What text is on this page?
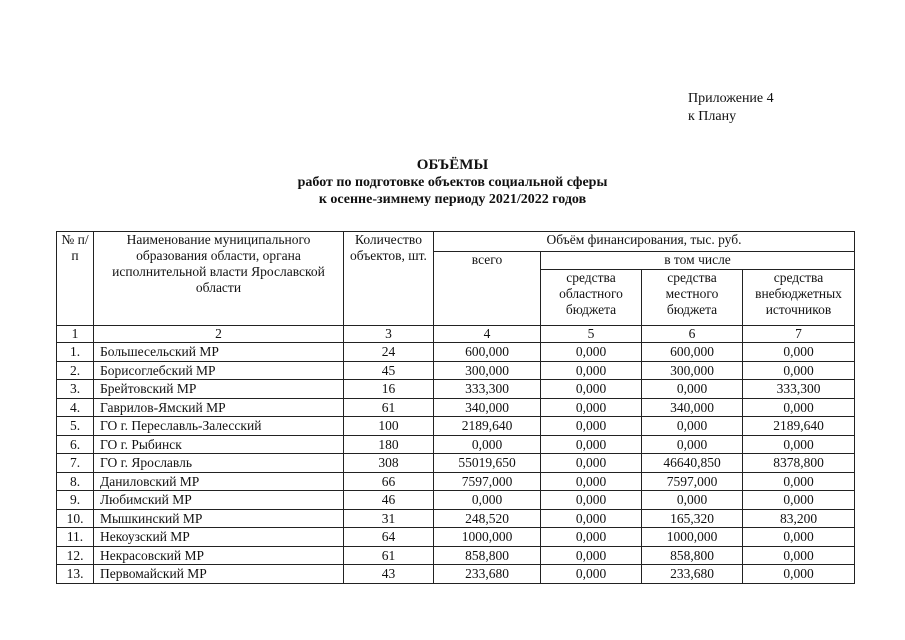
Приложение 4
к Плану
ОБЪЁМЫ
работ по подготовке объектов социальной сферы
к осенне-зимнему периоду 2021/2022 годов
№ п/п	Наименование муниципального образования области, органа исполнительной власти Ярославской области	Количество объектов, шт.	Объём финансирования, тыс. руб.			
			всего	в том числе		
				средства областного бюджета	средства местного бюджета	средства внебюджетных источников
1	2	3	4	5	6	7
1.	Большесельский МР	24	600,000	0,000	600,000	0,000
2.	Борисоглебский МР	45	300,000	0,000	300,000	0,000
3.	Брейтовский МР	16	333,300	0,000	0,000	333,300
4.	Гаврилов-Ямский МР	61	340,000	0,000	340,000	0,000
5.	ГО г. Переславль-Залесский	100	2189,640	0,000	0,000	2189,640
6.	ГО г. Рыбинск	180	0,000	0,000	0,000	0,000
7.	ГО г. Ярославль	308	55019,650	0,000	46640,850	8378,800
8.	Даниловский МР	66	7597,000	0,000	7597,000	0,000
9.	Любимский МР	46	0,000	0,000	0,000	0,000
10.	Мышкинский МР	31	248,520	0,000	165,320	83,200
11.	Некоузский МР	64	1000,000	0,000	1000,000	0,000
12.	Некрасовский МР	61	858,800	0,000	858,800	0,000
13.	Первомайский МР	43	233,680	0,000	233,680	0,000
